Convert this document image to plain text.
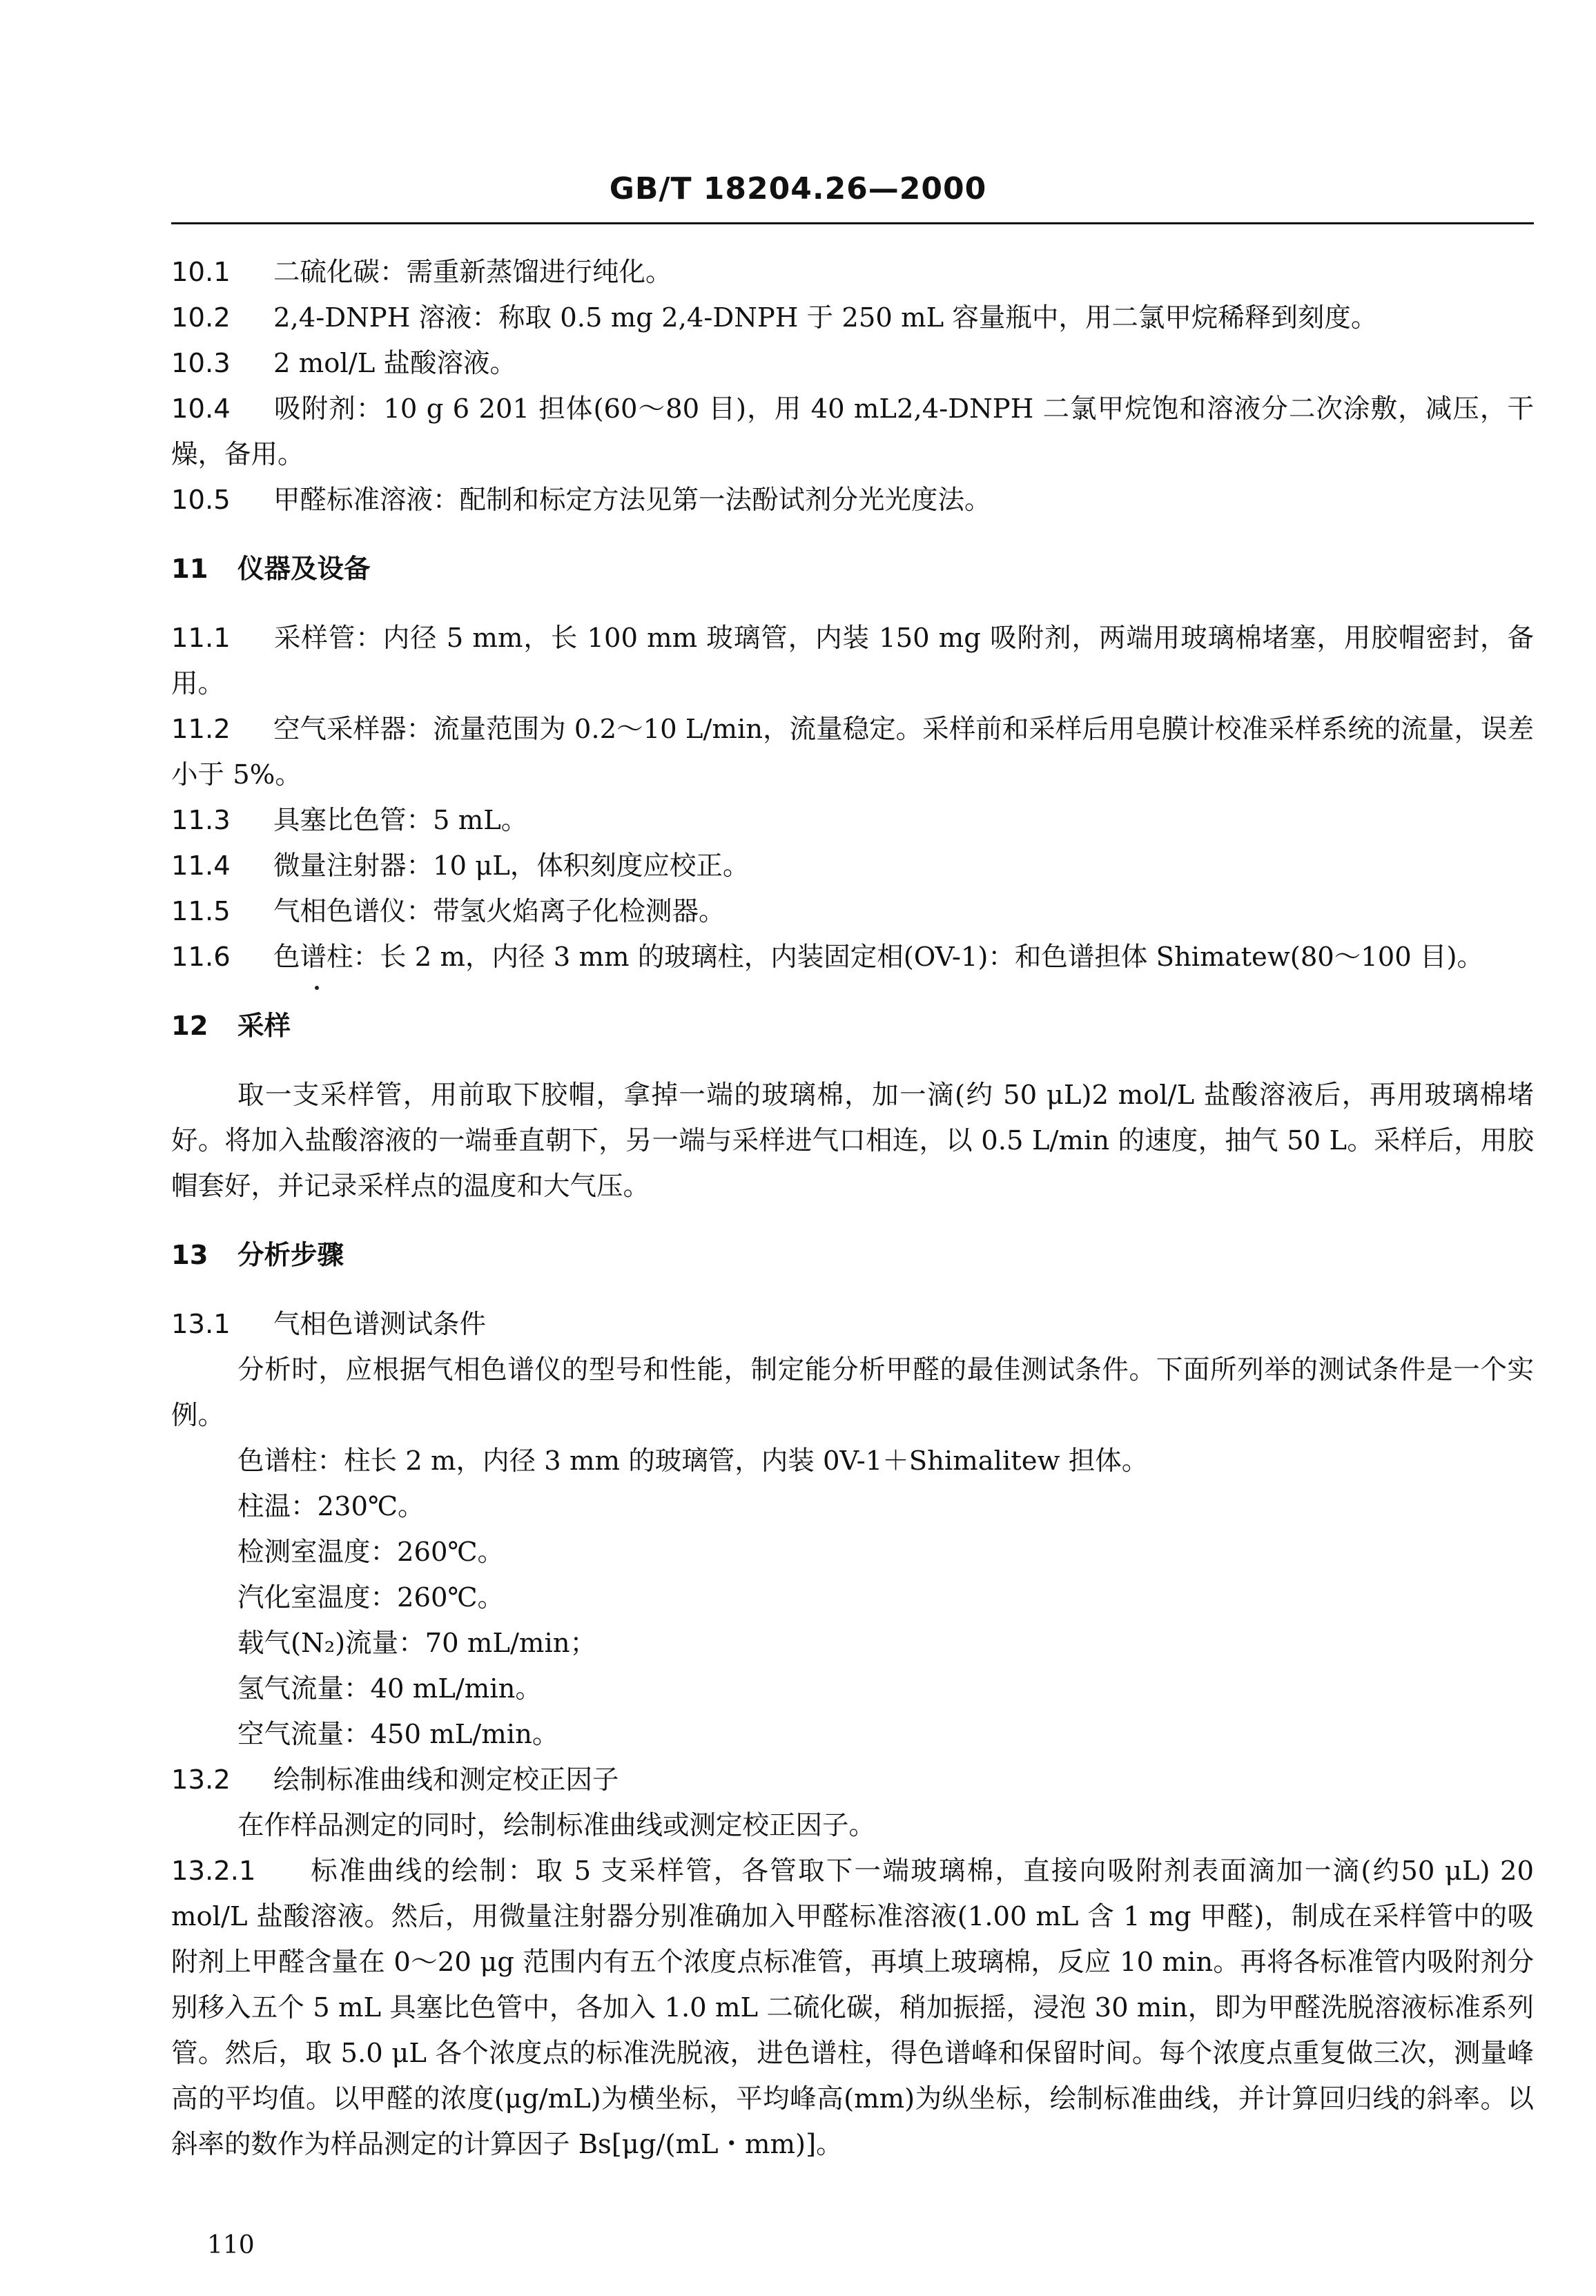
GB/T 18204.26—2000

10.1 二硫化碳：需重新蒸馏进行纯化。

10.2 2,4-DNPH 溶液：称取 0.5 mg 2,4-DNPH 于 250 mL 容量瓶中，用二氯甲烷稀释到刻度。

10.3 2 mol/L 盐酸溶液。

10.4 吸附剂：10 g 6 201 担体(60～80 目)，用 40 mL2,4-DNPH 二氯甲烷饱和溶液分二次涂敷，减压，干燥，备用。

10.5 甲醛标准溶液：配制和标定方法见第一法酚试剂分光光度法。

11 仪器及设备

11.1 采样管：内径 5 mm，长 100 mm 玻璃管，内装 150 mg 吸附剂，两端用玻璃棉堵塞，用胶帽密封，备用。

11.2 空气采样器：流量范围为 0.2～10 L/min，流量稳定。采样前和采样后用皂膜计校准采样系统的流量，误差小于 5%。

11.3 具塞比色管：5 mL。

11.4 微量注射器：10 μL，体积刻度应校正。

11.5 气相色谱仪：带氢火焰离子化检测器。

11.6 色谱柱：长 2 m，内径 3 mm 的玻璃柱，内装固定相(OV-1)：和色谱担体 Shimatew(80～100 目)。

12 采样

取一支采样管，用前取下胶帽，拿掉一端的玻璃棉，加一滴(约 50 μL)2 mol/L 盐酸溶液后，再用玻璃棉堵好。将加入盐酸溶液的一端垂直朝下，另一端与采样进气口相连，以 0.5 L/min 的速度，抽气 50 L。采样后，用胶帽套好，并记录采样点的温度和大气压。

13 分析步骤

13.1 气相色谱测试条件

分析时，应根据气相色谱仪的型号和性能，制定能分析甲醛的最佳测试条件。下面所列举的测试条件是一个实例。

色谱柱：柱长 2 m，内径 3 mm 的玻璃管，内装 0V-1＋Shimalitew 担体。

柱温：230℃。

检测室温度：260℃。

汽化室温度：260℃。

载气(N₂)流量：70 mL/min；

氢气流量：40 mL/min。

空气流量：450 mL/min。

13.2 绘制标准曲线和测定校正因子

在作样品测定的同时，绘制标准曲线或测定校正因子。

13.2.1 标准曲线的绘制：取 5 支采样管，各管取下一端玻璃棉，直接向吸附剂表面滴加一滴(约50 μL) 20 mol/L 盐酸溶液。然后，用微量注射器分别准确加入甲醛标准溶液(1.00 mL 含 1 mg 甲醛)，制成在采样管中的吸附剂上甲醛含量在 0～20 μg 范围内有五个浓度点标准管，再填上玻璃棉，反应 10 min。再将各标准管内吸附剂分别移入五个 5 mL 具塞比色管中，各加入 1.0 mL 二硫化碳，稍加振摇，浸泡 30 min，即为甲醛洗脱溶液标准系列管。然后，取 5.0 μL 各个浓度点的标准洗脱液，进色谱柱，得色谱峰和保留时间。每个浓度点重复做三次，测量峰高的平均值。以甲醛的浓度(μg/mL)为横坐标，平均峰高(mm)为纵坐标，绘制标准曲线，并计算回归线的斜率。以斜率的数作为样品测定的计算因子 Bs[μg/(mL・mm)]。

110
